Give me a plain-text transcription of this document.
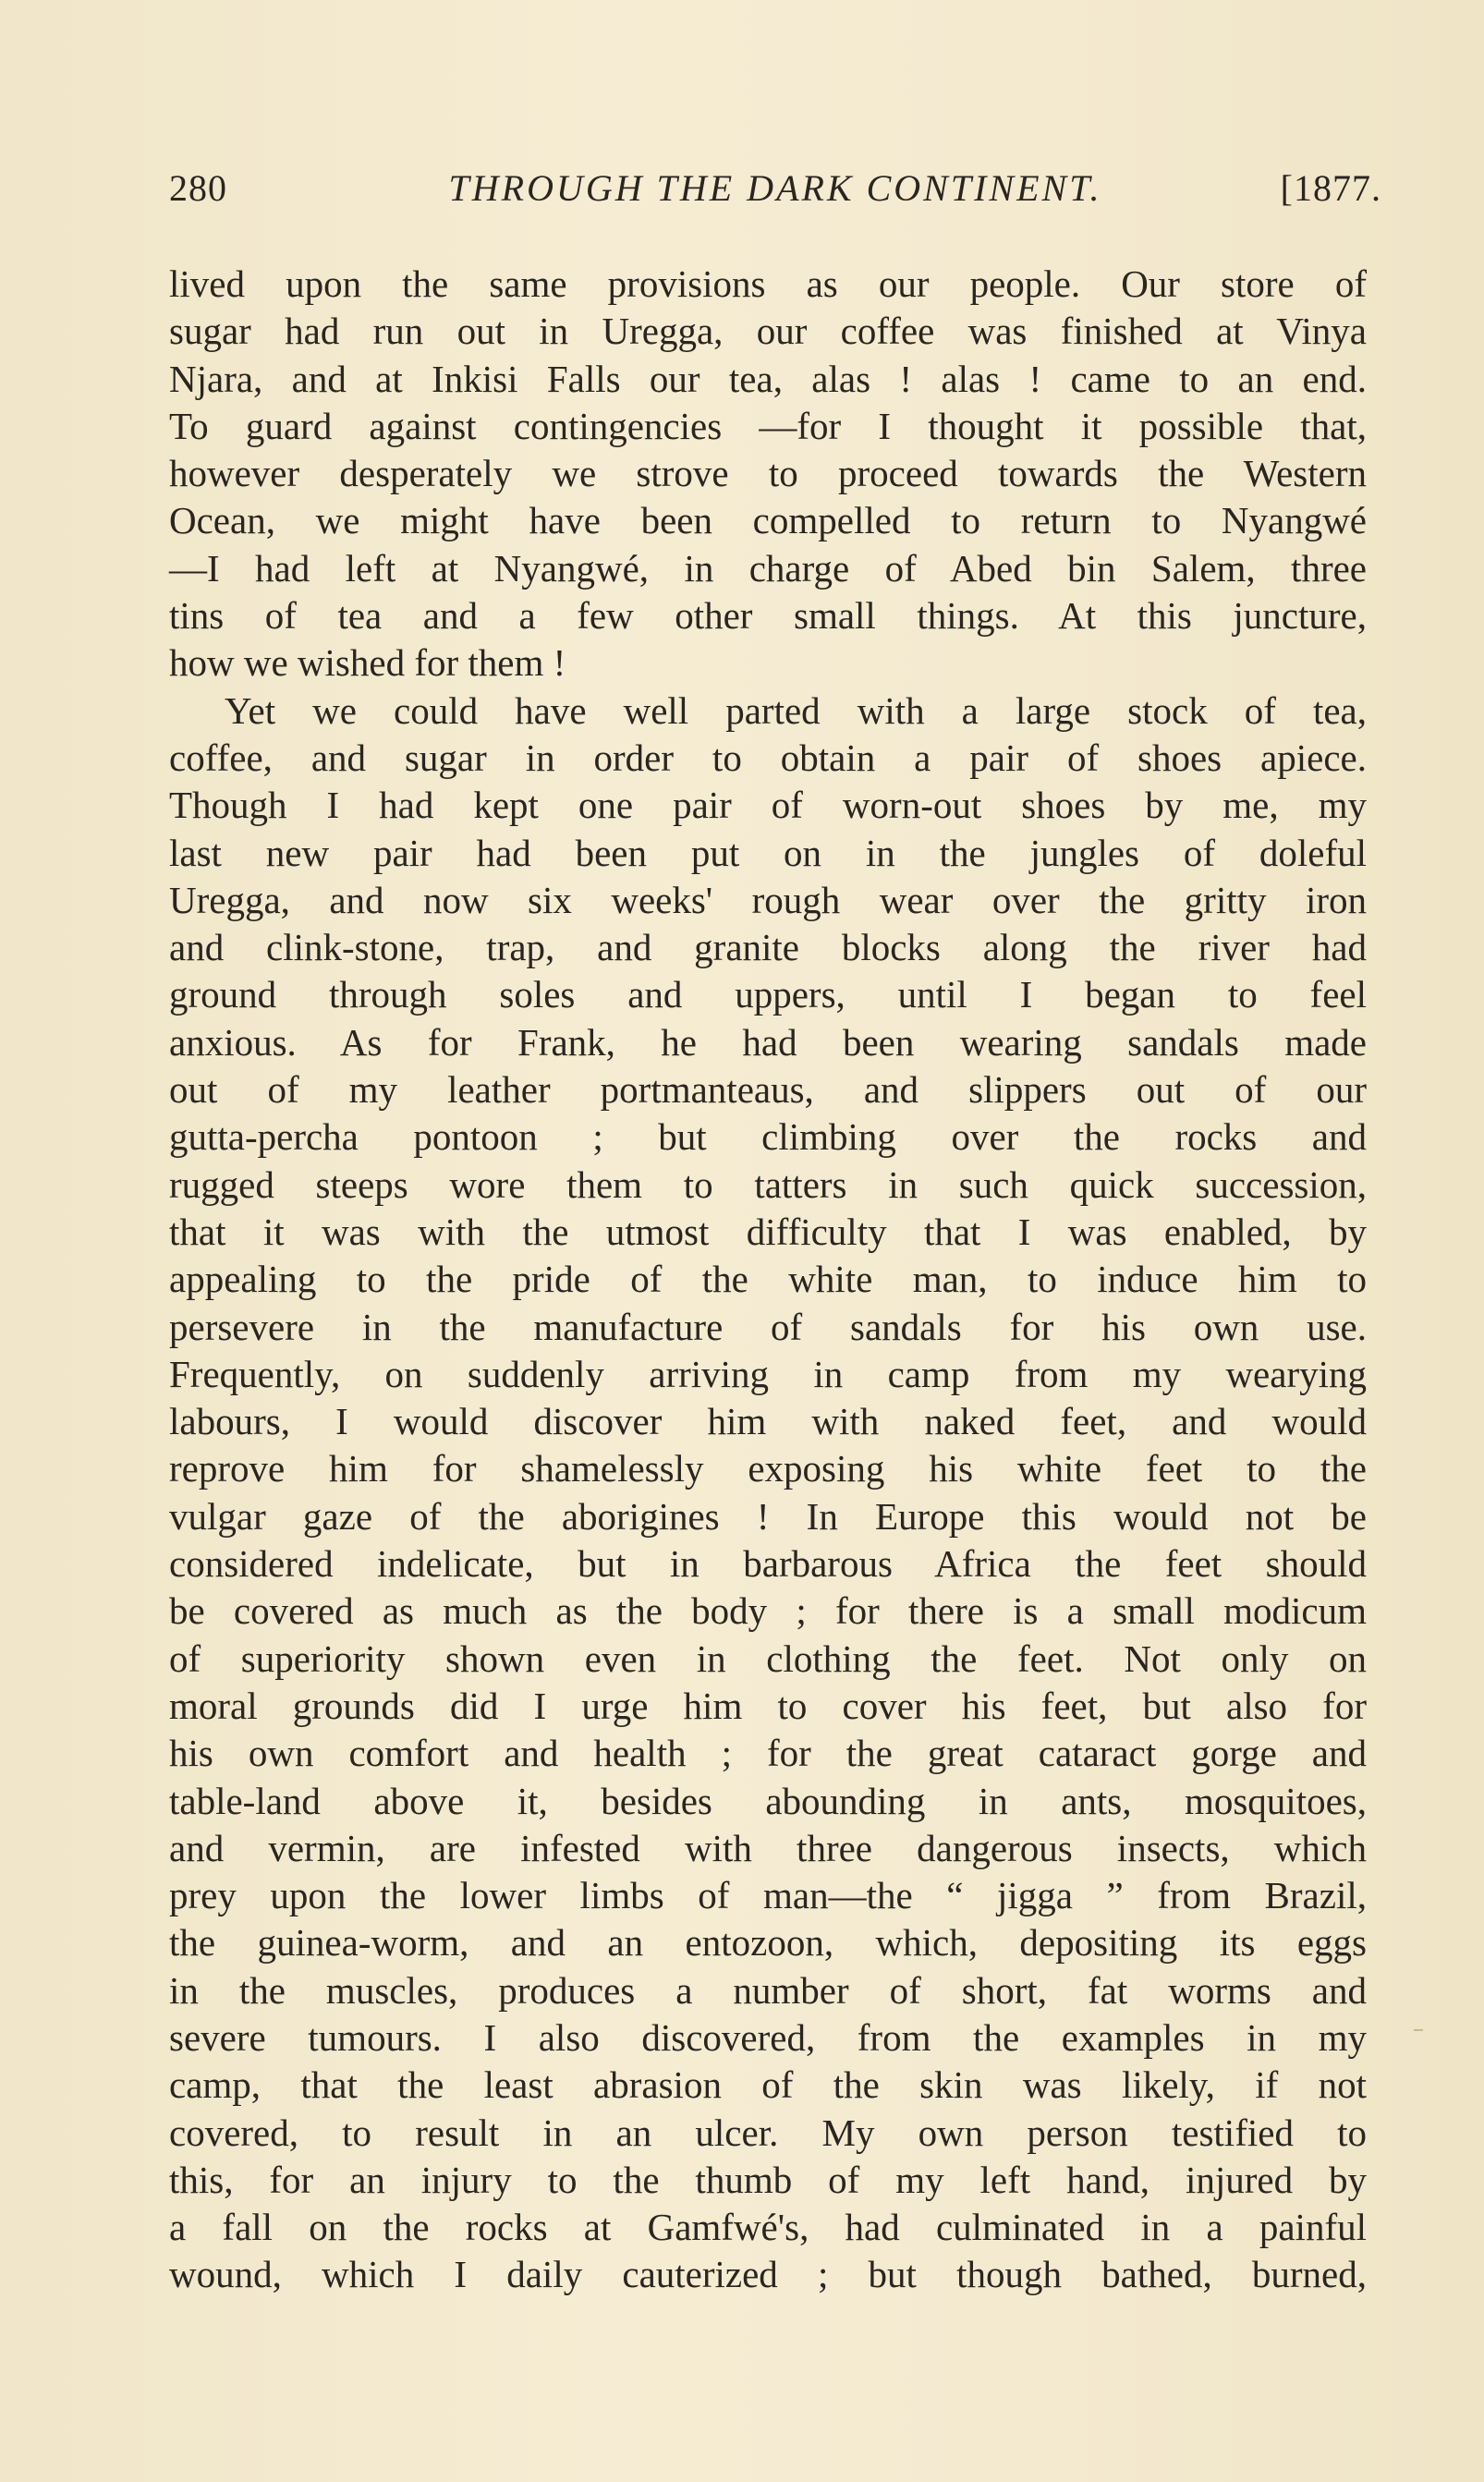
280	THROUGH THE DARK CONTINENT.	[1877.
lived upon the same provisions as our people. Our store of
sugar had run out in Uregga, our coffee was finished at Vinya
Njara, and at Inkisi Falls our tea, alas ! alas ! came to an end.
To guard against contingencies —for I thought it possible that,
however desperately we strove to proceed towards the Western
Ocean, we might have been compelled to return to Nyangwé
—I had left at Nyangwé, in charge of Abed bin Salem, three
tins of tea and a few other small things. At this juncture,
how we wished for them !
Yet we could have well parted with a large stock of tea,
coffee, and sugar in order to obtain a pair of shoes apiece.
Though I had kept one pair of worn-out shoes by me, my
last new pair had been put on in the jungles of doleful
Uregga, and now six weeks' rough wear over the gritty iron
and clink-stone, trap, and granite blocks along the river had
ground through soles and uppers, until I began to feel
anxious. As for Frank, he had been wearing sandals made
out of my leather portmanteaus, and slippers out of our
gutta-percha pontoon ; but climbing over the rocks and
rugged steeps wore them to tatters in such quick succession,
that it was with the utmost difficulty that I was enabled, by
appealing to the pride of the white man, to induce him to
persevere in the manufacture of sandals for his own use.
Frequently, on suddenly arriving in camp from my wearying
labours, I would discover him with naked feet, and would
reprove him for shamelessly exposing his white feet to the
vulgar gaze of the aborigines ! In Europe this would not be
considered indelicate, but in barbarous Africa the feet should
be covered as much as the body ; for there is a small modicum
of superiority shown even in clothing the feet. Not only on
moral grounds did I urge him to cover his feet, but also for
his own comfort and health ; for the great cataract gorge and
table-land above it, besides abounding in ants, mosquitoes,
and vermin, are infested with three dangerous insects, which
prey upon the lower limbs of man—the “ jigga ” from Brazil,
the guinea-worm, and an entozoon, which, depositing its eggs
in the muscles, produces a number of short, fat worms and
severe tumours. I also discovered, from the examples in my
camp, that the least abrasion of the skin was likely, if not
covered, to result in an ulcer. My own person testified to
this, for an injury to the thumb of my left hand, injured by
a fall on the rocks at Gamfwé's, had culminated in a painful
wound, which I daily cauterized ; but though bathed, burned,
